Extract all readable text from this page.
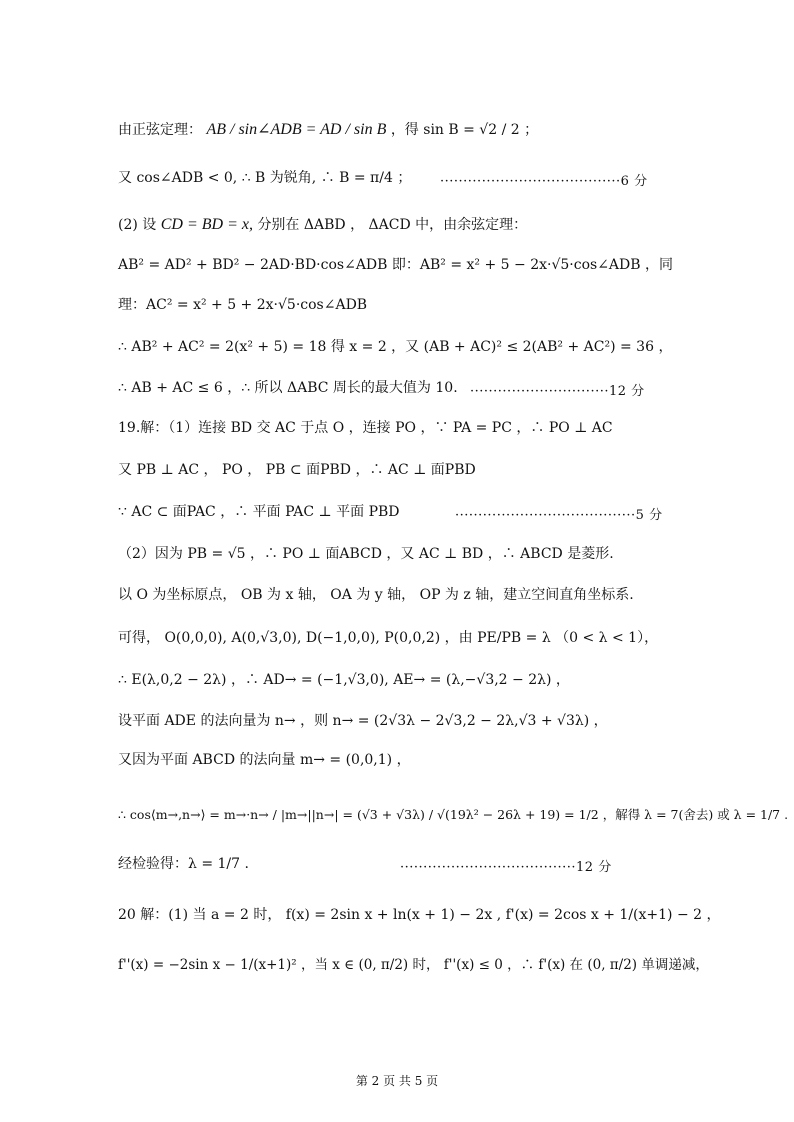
由正弦定理： AB / sin∠ADB = AD / sin B ，得 sin B = √2 / 2 ；
又 cos∠ADB < 0, ∴ B 为锐角, ∴ B = π/4 ； ·······································6 分
(2) 设 CD = BD = x, 分别在 ΔABD ， ΔACD 中，由余弦定理：
AB² = AD² + BD² − 2AD·BD·cos∠ADB 即：AB² = x² + 5 − 2x·√5·cos∠ADB ，同
理：AC² = x² + 5 + 2x·√5·cos∠ADB
∴ AB² + AC² = 2(x² + 5) = 18 得 x = 2 ，又 (AB + AC)² ≤ 2(AB² + AC²) = 36 ，
∴ AB + AC ≤ 6 ，∴ 所以 ΔABC 周长的最大值为 10. ······························12 分
19.解：（1）连接 BD 交 AC 于点 O ，连接 PO ，∵ PA = PC ，∴ PO ⊥ AC
又 PB ⊥ AC ， PO ， PB ⊂ 面PBD ，∴ AC ⊥ 面PBD
∵ AC ⊂ 面PAC ，∴ 平面 PAC ⊥ 平面 PBD	·······································5 分
（2）因为 PB = √5 ，∴ PO ⊥ 面ABCD ，又 AC ⊥ BD ，∴ ABCD 是菱形.
以 O 为坐标原点， OB 为 x 轴， OA 为 y 轴， OP 为 z 轴，建立空间直角坐标系.
可得， O(0,0,0), A(0,√3,0), D(−1,0,0), P(0,0,2) ，由 PE/PB = λ （0 < λ < 1），
∴ E(λ,0,2 − 2λ) ，∴ AD→ = (−1,√3,0), AE→ = (λ,−√3,2 − 2λ) ，
设平面 ADE 的法向量为 n→ ，则 n→ = (2√3λ − 2√3,2 − 2λ,√3 + √3λ) ，
又因为平面 ABCD 的法向量 m→ = (0,0,1) ，
∴ cos⟨m→,n→⟩ = m→·n→ / |m→||n→| = (√3 + √3λ) / √(19λ² − 26λ + 19) = 1/2 ，解得 λ = 7(舍去) 或 λ = 1/7 .
经检验得：λ = 1/7 .	······································12 分
20 解：(1) 当 a = 2 时， f(x) = 2sin x + ln(x + 1) − 2x , f'(x) = 2cos x + 1/(x+1) − 2 ，
f''(x) = −2sin x − 1/(x+1)² ，当 x ∈ (0, π/2) 时， f''(x) ≤ 0 ，∴ f'(x) 在 (0, π/2) 单调递减，
第 2 页 共 5 页
